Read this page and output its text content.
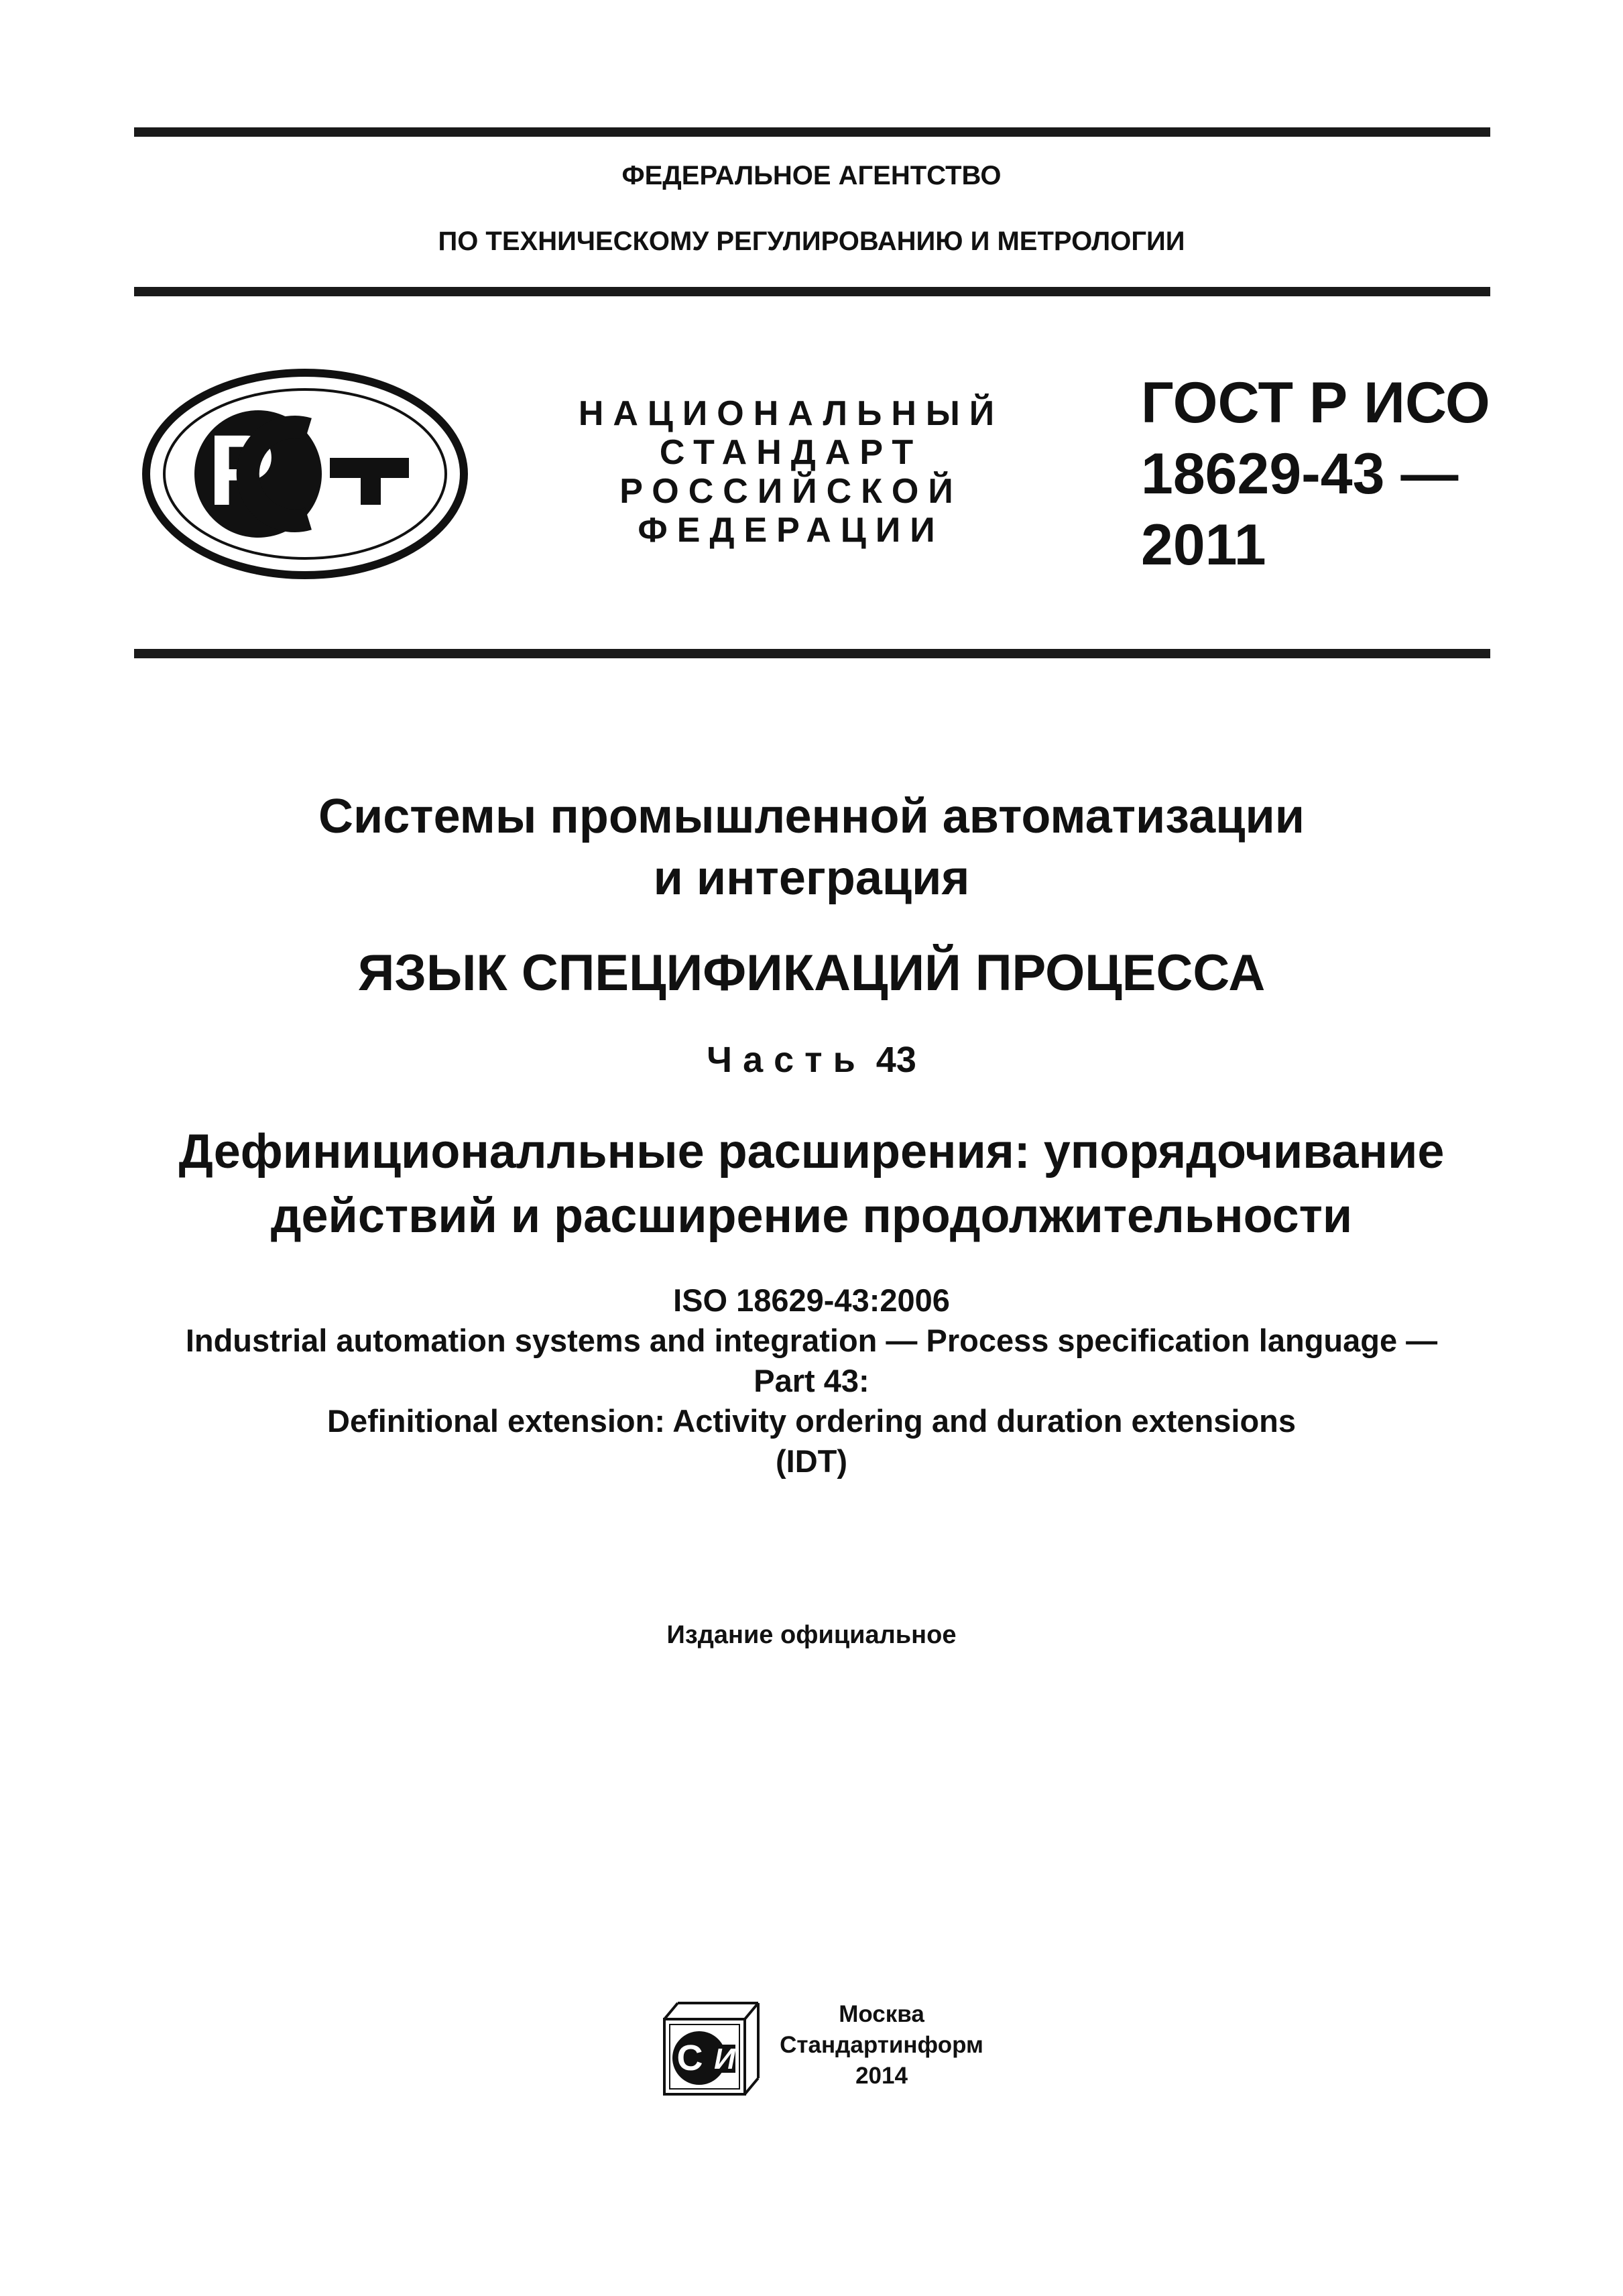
ФЕДЕРАЛЬНОЕ АГЕНТСТВО
ПО ТЕХНИЧЕСКОМУ РЕГУЛИРОВАНИЮ И МЕТРОЛОГИИ
Р	НАЦИОНАЛЬНЫЙ
СТАНДАРТ
РОССИЙСКОЙ
ФЕДЕРАЦИИ
ГОСТ Р ИСО
18629-43 —
2011
Системы промышленной автоматизации
и интеграция
ЯЗЫК СПЕЦИФИКАЦИЙ ПРОЦЕССА
Часть 43
Дефиниционалльные расширения: упорядочивание
действий и расширение продолжительности
ISO 18629-43:2006
Industrial automation systems and integration — Process specification language —
Part 43:
Definitional extension: Activity ordering and duration extensions
(IDT)
Издание официальное
С И
Москва
Стандартинформ
2014
